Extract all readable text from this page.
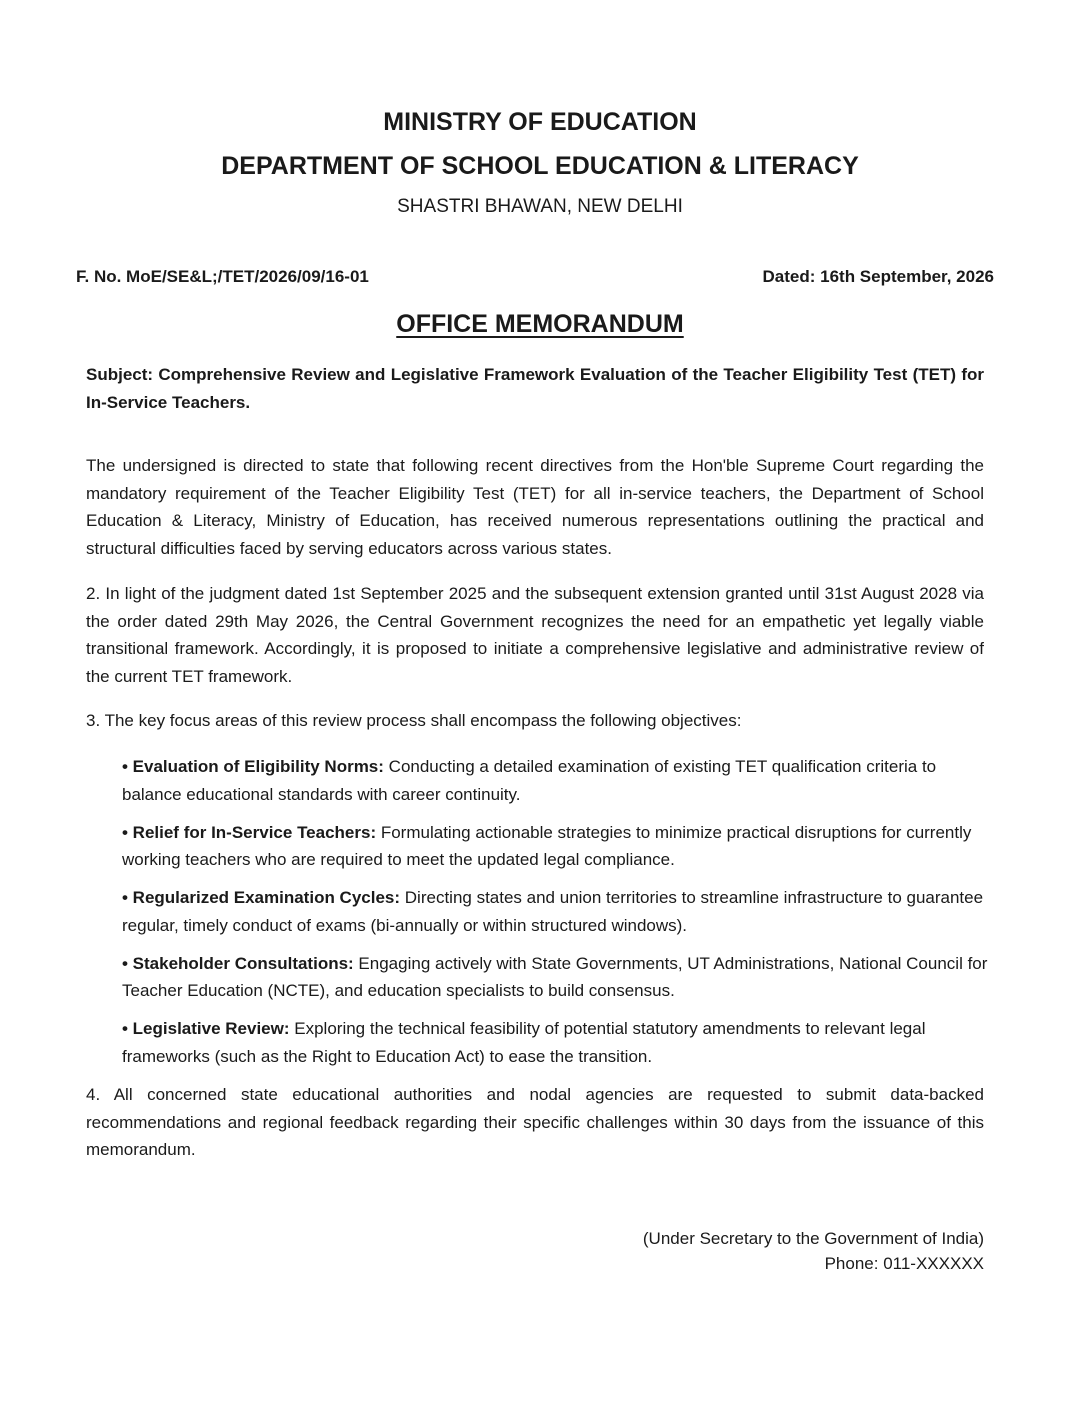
MINISTRY OF EDUCATION
DEPARTMENT OF SCHOOL EDUCATION & LITERACY
SHASTRI BHAWAN, NEW DELHI
F. No. MoE/SE&L;/TET/2026/09/16-01	Dated: 16th September, 2026
OFFICE MEMORANDUM

Subject: Comprehensive Review and Legislative Framework Evaluation of the Teacher Eligibility Test (TET) for In-Service Teachers.

The undersigned is directed to state that following recent directives from the Hon'ble Supreme Court regarding the mandatory requirement of the Teacher Eligibility Test (TET) for all in-service teachers, the Department of School Education & Literacy, Ministry of Education, has received numerous representations outlining the practical and structural difficulties faced by serving educators across various states.

2. In light of the judgment dated 1st September 2025 and the subsequent extension granted until 31st August 2028 via the order dated 29th May 2026, the Central Government recognizes the need for an empathetic yet legally viable transitional framework. Accordingly, it is proposed to initiate a comprehensive legislative and administrative review of the current TET framework.

3. The key focus areas of this review process shall encompass the following objectives:

• Evaluation of Eligibility Norms: Conducting a detailed examination of existing TET qualification criteria to balance educational standards with career continuity.
• Relief for In-Service Teachers: Formulating actionable strategies to minimize practical disruptions for currently working teachers who are required to meet the updated legal compliance.
• Regularized Examination Cycles: Directing states and union territories to streamline infrastructure to guarantee regular, timely conduct of exams (bi-annually or within structured windows).
• Stakeholder Consultations: Engaging actively with State Governments, UT Administrations, National Council for Teacher Education (NCTE), and education specialists to build consensus.
• Legislative Review: Exploring the technical feasibility of potential statutory amendments to relevant legal frameworks (such as the Right to Education Act) to ease the transition.

4. All concerned state educational authorities and nodal agencies are requested to submit data-backed recommendations and regional feedback regarding their specific challenges within 30 days from the issuance of this memorandum.

(Under Secretary to the Government of India)
Phone: 011-XXXXXX
